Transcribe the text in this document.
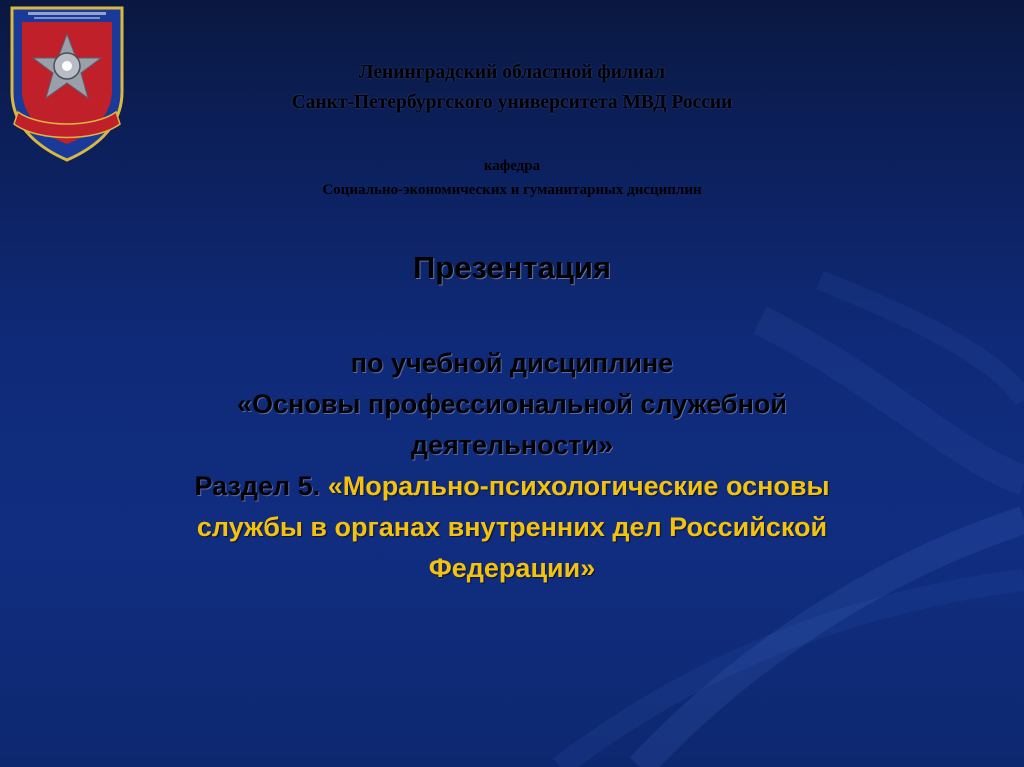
Ленинградский областной филиал
Санкт-Петербургского университета МВД России
кафедра
Социально-экономических и гуманитарных дисциплин
Презентация
по учебной дисциплине
«Основы профессиональной служебной
деятельности»
Раздел 5. «Морально-психологические основы
службы в органах внутренних дел Российской
Федерации»
